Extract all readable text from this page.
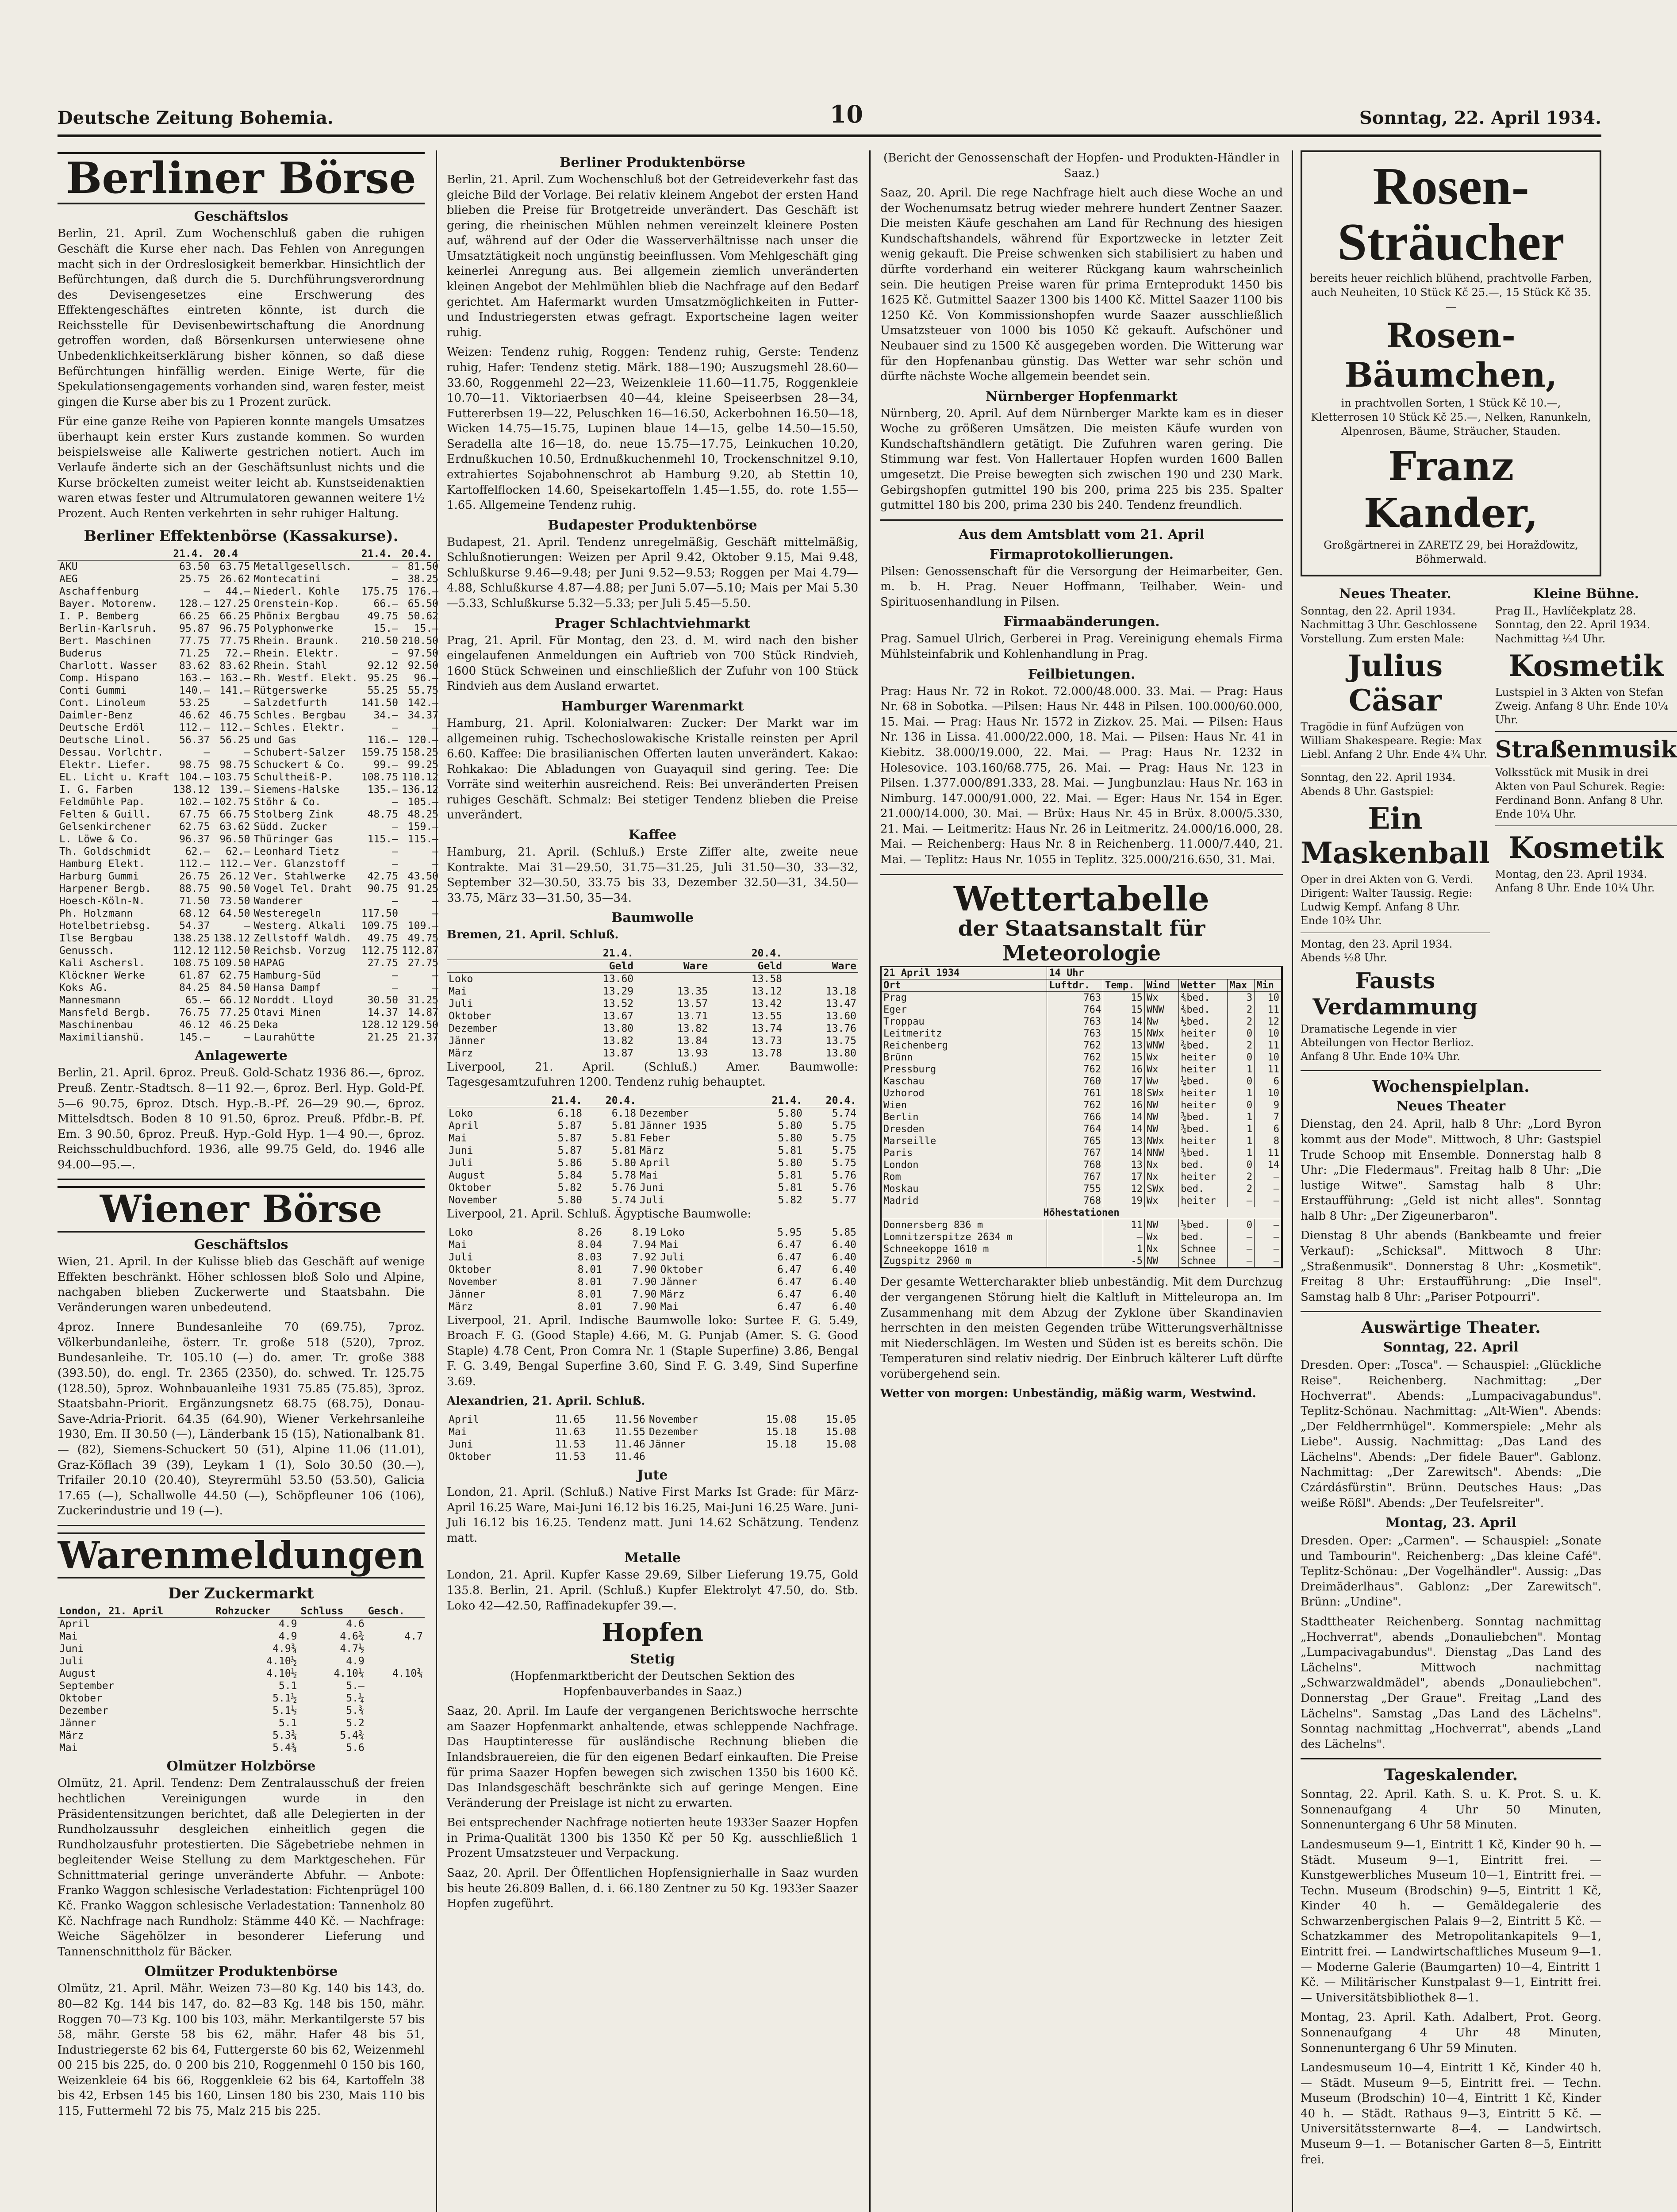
Deutsche Zeitung Bohemia.	10	Sonntag, 22. April 1934.
Berliner Börse
Geschäftslos

Berlin, 21. April. Zum Wochenschluß gaben die ruhigen Geschäft die Kurse eher nach. Das Fehlen von Anregungen macht sich in der Ordreslosigkeit bemerkbar. Hinsichtlich der Befürchtungen, daß durch die 5. Durchführungsverordnung des Devisengesetzes eine Erschwerung des Effektengeschäftes eintreten könnte, ist durch die Reichsstelle für Devisenbewirtschaftung die Anordnung getroffen worden, daß Börsenkursen unterwiesene ohne Unbedenklichkeitserklärung bisher können, so daß diese Befürchtungen hinfällig werden. Einige Werte, für die Spekulationsengagements vorhanden sind, waren fester, meist gingen die Kurse aber bis zu 1 Prozent zurück.

Für eine ganze Reihe von Papieren konnte mangels Umsatzes überhaupt kein erster Kurs zustande kommen. So wurden beispielsweise alle Kaliwerte gestrichen notiert. Auch im Verlaufe änderte sich an der Geschäftsunlust nichts und die Kurse bröckelten zumeist weiter leicht ab. Kunstseidenaktien waren etwas fester und Altrumulatoren gewannen weitere 1½ Prozent. Auch Renten verkehrten in sehr ruhiger Haltung.

Berliner Effektenbörse (Kassakurse).
	21.4.	20.4		21.4.	20.4.
AKU	63.50	63.75	Metallgesellsch.	—	81.50
AEG	25.75	26.62	Montecatini	—	38.25
Aschaffenburg	—	44.—	Niederl. Kohle	175.75	176.—
Bayer. Motorenw.	128.—	127.25	Orenstein-Kop.	66.—	65.50
I. P. Bemberg	66.25	66.25	Phönix Bergbau	49.75	50.62
Berlin-Karlsruh.	95.87	96.75	Polyphonwerke	15.—	15.—
Bert. Maschinen	77.75	77.75	Rhein. Braunk.	210.50	210.50
Buderus	71.25	72.—	Rhein. Elektr.	—	97.50
Charlott. Wasser	83.62	83.62	Rhein. Stahl	92.12	92.50
Comp. Hispano	163.—	163.—	Rh. Westf. Elekt.	95.25	96.—
Conti Gummi	140.—	141.—	Rütgerswerke	55.25	55.75
Cont. Linoleum	53.25	—	Salzdetfurth	141.50	142.—
Daimler-Benz	46.62	46.75	Schles. Bergbau	34.—	34.37
Deutsche Erdöl	112.—	112.—	Schles. Elektr.	—	—
Deutsche Linol.	56.37	56.25	und Gas	116.—	120.—
Dessau. Vorlchtr.	—	—	Schubert-Salzer	159.75	158.25
Elektr. Liefer.	98.75	98.75	Schuckert & Co.	99.—	99.25
EL. Licht u. Kraft	104.—	103.75	Schultheiß-P.	108.75	110.12
I. G. Farben	138.12	139.—	Siemens-Halske	135.—	136.12
Feldmühle Pap.	102.—	102.75	Stöhr & Co.	—	105.—
Felten & Guill.	67.75	66.75	Stolberg Zink	48.75	48.25
Gelsenkirchener	62.75	63.62	Südd. Zucker	—	159.—
L. Löwe & Co.	96.37	96.50	Thüringer Gas	115.—	115.—
Th. Goldschmidt	62.—	62.—	Leonhard Tietz	—	—
Hamburg Elekt.	112.—	112.—	Ver. Glanzstoff	—	—
Harburg Gummi	26.75	26.12	Ver. Stahlwerke	42.75	43.50
Harpener Bergb.	88.75	90.50	Vogel Tel. Draht	90.75	91.25
Hoesch-Köln-N.	71.50	73.50	Wanderer	—	—
Ph. Holzmann	68.12	64.50	Westeregeln	117.50	—
Hotelbetriebsg.	54.37	—	Westerg. Alkali	109.75	109.—
Ilse Bergbau	138.25	138.12	Zellstoff Waldh.	49.75	49.75
Genussch.	112.12	112.50	Reichsb. Vorzug	112.75	112.87
Kali Aschersl.	108.75	109.50	HAPAG	27.75	27.75
Klöckner Werke	61.87	62.75	Hamburg-Süd	—	—
Koks AG.	84.25	84.50	Hansa Dampf	—	—
Mannesmann	65.—	66.12	Norddt. Lloyd	30.50	31.25
Mansfeld Bergb.	76.75	77.25	Otavi Minen	14.37	14.87
Maschinenbau	46.12	46.25	Deka	128.12	129.50
Maximilianshü.	145.—	—	Laurahütte	21.25	21.37
Anlagewerte

Berlin, 21. April. 6proz. Preuß. Gold-Schatz 1936 86.—, 6proz. Preuß. Zentr.-Stadtsch. 8—11 92.—, 6proz. Berl. Hyp. Gold-Pf. 5—6 90.75, 6proz. Dtsch. Hyp.-B.-Pf. 26—29 90.—, 6proz. Mittelsdtsch. Boden 8 10 91.50, 6proz. Preuß. Pfdbr.-B. Pf. Em. 3 90.50, 6proz. Preuß. Hyp.-Gold Hyp. 1—4 90.—, 6proz. Reichsschuldbuchford. 1936, alle 99.75 Geld, do. 1946 alle 94.00—95.—.

Wiener Börse
Geschäftslos

Wien, 21. April. In der Kulisse blieb das Geschäft auf wenige Effekten beschränkt. Höher schlossen bloß Solo und Alpine, nachgaben blieben Zuckerwerte und Staatsbahn. Die Veränderungen waren unbedeutend.

4proz. Innere Bundesanleihe 70 (69.75), 7proz. Völkerbundanleihe, österr. Tr. große 518 (520), 7proz. Bundesanleihe. Tr. 105.10 (—) do. amer. Tr. große 388 (393.50), do. engl. Tr. 2365 (2350), do. schwed. Tr. 125.75 (128.50), 5proz. Wohnbauanleihe 1931 75.85 (75.85), 3proz. Staatsbahn-Priorit. Ergänzungsnetz 68.75 (68.75), Donau-Save-Adria-Priorit. 64.35 (64.90), Wiener Verkehrsanleihe 1930, Em. II 30.50 (—), Länderbank 15 (15), Nationalbank 81.— (82), Siemens-Schuckert 50 (51), Alpine 11.06 (11.01), Graz-Köflach 39 (39), Leykam 1 (1), Solo 30.50 (30.—), Trifailer 20.10 (20.40), Steyrermühl 53.50 (53.50), Galicia 17.65 (—), Schallwolle 44.50 (—), Schöpfleuner 106 (106), Zuckerindustrie und 19 (—).

Warenmeldungen
Der Zuckermarkt
London, 21. April	Rohzucker	Schluss	Gesch.
April	4.9	4.6	
Mai	4.9	4.6¾	4.7
Juni	4.9¾	4.7½	
Juli	4.10½	4.9	
August	4.10½	4.10¼	4.10¾
September	5.1	5.—	
Oktober	5.1½	5.¼	
Dezember	5.1½	5.¾	
Jänner	5.1	5.2	
März	5.3¾	5.4¾	
Mai	5.4¾	5.6	
Olmützer Holzbörse

Olmütz, 21. April. Tendenz: Dem Zentralausschuß der freien hechtlichen Vereinigungen wurde in den Präsidentensitzungen berichtet, daß alle Delegierten in der Rundholzaussuhr desgleichen einheitlich gegen die Rundholzausfuhr protestierten. Die Sägebetriebe nehmen in begleitender Weise Stellung zu dem Marktgeschehen. Für Schnittmaterial geringe unveränderte Abfuhr. — Anbote: Franko Waggon schlesische Verladestation: Fichtenprügel 100 Kč. Franko Waggon schlesische Verladestation: Tannenholz 80 Kč. Nachfrage nach Rundholz: Stämme 440 Kč. — Nachfrage: Weiche Sägehölzer in besonderer Lieferung und Tannenschnittholz für Bäcker.

Olmützer Produktenbörse

Olmütz, 21. April. Mähr. Weizen 73—80 Kg. 140 bis 143, do. 80—82 Kg. 144 bis 147, do. 82—83 Kg. 148 bis 150, mähr. Roggen 70—73 Kg. 100 bis 103, mähr. Merkantilgerste 57 bis 58, mähr. Gerste 58 bis 62, mähr. Hafer 48 bis 51, Industriegerste 62 bis 64, Futtergerste 60 bis 62, Weizenmehl 00 215 bis 225, do. 0 200 bis 210, Roggenmehl 0 150 bis 160, Weizenkleie 64 bis 66, Roggenkleie 62 bis 64, Kartoffeln 38 bis 42, Erbsen 145 bis 160, Linsen 180 bis 230, Mais 110 bis 115, Futtermehl 72 bis 75, Malz 215 bis 225.

Berliner Produktenbörse

Berlin, 21. April. Zum Wochenschluß bot der Getreideverkehr fast das gleiche Bild der Vorlage. Bei relativ kleinem Angebot der ersten Hand blieben die Preise für Brotgetreide unverändert. Das Geschäft ist gering, die rheinischen Mühlen nehmen vereinzelt kleinere Posten auf, während auf der Oder die Wasserverhältnisse nach unser die Umsatztätigkeit noch ungünstig beeinflussen. Vom Mehlgeschäft ging keinerlei Anregung aus. Bei allgemein ziemlich unveränderten kleinen Angebot der Mehlmühlen blieb die Nachfrage auf den Bedarf gerichtet. Am Hafermarkt wurden Umsatzmöglichkeiten in Futter- und Industriegersten etwas gefragt. Exportscheine lagen weiter ruhig.

Weizen: Tendenz ruhig, Roggen: Tendenz ruhig, Gerste: Tendenz ruhig, Hafer: Tendenz stetig. Märk. 188—190; Auszugsmehl 28.60—33.60, Roggenmehl 22—23, Weizenkleie 11.60—11.75, Roggenkleie 10.70—11. Viktoriaerbsen 40—44, kleine Speiseerbsen 28—34, Futtererbsen 19—22, Peluschken 16—16.50, Ackerbohnen 16.50—18, Wicken 14.75—15.75, Lupinen blaue 14—15, gelbe 14.50—15.50, Seradella alte 16—18, do. neue 15.75—17.75, Leinkuchen 10.20, Erdnußkuchen 10.50, Erdnußkuchenmehl 10, Trockenschnitzel 9.10, extrahiertes Sojabohnenschrot ab Hamburg 9.20, ab Stettin 10, Kartoffelflocken 14.60, Speisekartoffeln 1.45—1.55, do. rote 1.55—1.65. Allgemeine Tendenz ruhig.

Budapester Produktenbörse

Budapest, 21. April. Tendenz unregelmäßig, Geschäft mittelmäßig, Schlußnotierungen: Weizen per April 9.42, Oktober 9.15, Mai 9.48, Schlußkurse 9.46—9.48; per Juni 9.52—9.53; Roggen per Mai 4.79—4.88, Schlußkurse 4.87—4.88; per Juni 5.07—5.10; Mais per Mai 5.30—5.33, Schlußkurse 5.32—5.33; per Juli 5.45—5.50.

Prager Schlachtviehmarkt

Prag, 21. April. Für Montag, den 23. d. M. wird nach den bisher eingelaufenen Anmeldungen ein Auftrieb von 700 Stück Rindvieh, 1600 Stück Schweinen und einschließlich der Zufuhr von 100 Stück Rindvieh aus dem Ausland erwartet.

Hamburger Warenmarkt

Hamburg, 21. April. Kolonialwaren: Zucker: Der Markt war im allgemeinen ruhig. Tschechoslowakische Kristalle reinsten per April 6.60. Kaffee: Die brasilianischen Offerten lauten unverändert. Kakao: Rohkakao: Die Abladungen von Guayaquil sind gering. Tee: Die Vorräte sind weiterhin ausreichend. Reis: Bei unveränderten Preisen ruhiges Geschäft. Schmalz: Bei stetiger Tendenz blieben die Preise unverändert.

Kaffee

Hamburg, 21. April. (Schluß.) Erste Ziffer alte, zweite neue Kontrakte. Mai 31—29.50, 31.75—31.25, Juli 31.50—30, 33—32, September 32—30.50, 33.75 bis 33, Dezember 32.50—31, 34.50—33.75, März 33—31.50, 35—34.

Baumwolle

Bremen, 21. April. Schluß.

	21.4.		20.4.	
	Geld	Ware	Geld	Ware
Loko	13.60		13.58	
Mai	13.29	13.35	13.12	13.18
Juli	13.52	13.57	13.42	13.47
Oktober	13.67	13.71	13.55	13.60
Dezember	13.80	13.82	13.74	13.76
Jänner	13.82	13.84	13.73	13.75
März	13.87	13.93	13.78	13.80

Liverpool, 21. April. (Schluß.) Amer. Baumwolle: Tagesgesamtzufuhren 1200. Tendenz ruhig behauptet.

	21.4.	20.4.		21.4.	20.4.
Loko	6.18	6.18	Dezember	5.80	5.74
April	5.87	5.81	Jänner 1935	5.80	5.75
Mai	5.87	5.81	Feber	5.80	5.75
Juni	5.87	5.81	März	5.81	5.75
Juli	5.86	5.80	April	5.80	5.75
August	5.84	5.78	Mai	5.81	5.76
Oktober	5.82	5.76	Juni	5.81	5.76
November	5.80	5.74	Juli	5.82	5.77

Liverpool, 21. April. Schluß. Ägyptische Baumwolle:

Loko	8.26	8.19	Loko	5.95	5.85
Mai	8.04	7.94	Mai	6.47	6.40
Juli	8.03	7.92	Juli	6.47	6.40
Oktober	8.01	7.90	Oktober	6.47	6.40
November	8.01	7.90	Jänner	6.47	6.40
Jänner	8.01	7.90	März	6.47	6.40
März	8.01	7.90	Mai	6.47	6.40

Liverpool, 21. April. Indische Baumwolle loko: Surtee F. G. 5.49, Broach F. G. (Good Staple) 4.66, M. G. Punjab (Amer. S. G. Good Staple) 4.78 Cent, Pron Comra Nr. 1 (Staple Superfine) 3.86, Bengal F. G. 3.49, Bengal Superfine 3.60, Sind F. G. 3.49, Sind Superfine 3.69.

Alexandrien, 21. April. Schluß.

April	11.65	11.56	November	15.08	15.05
Mai	11.63	11.55	Dezember	15.18	15.08
Juni	11.53	11.46	Jänner	15.18	15.08
Oktober	11.53	11.46			
Jute

London, 21. April. (Schluß.) Native First Marks Ist Grade: für März-April 16.25 Ware, Mai-Juni 16.12 bis 16.25, Mai-Juni 16.25 Ware. Juni-Juli 16.12 bis 16.25. Tendenz matt. Juni 14.62 Schätzung. Tendenz matt.

Metalle

London, 21. April. Kupfer Kasse 29.69, Silber Lieferung 19.75, Gold 135.8. Berlin, 21. April. (Schluß.) Kupfer Elektrolyt 47.50, do. Stb. Loko 42—42.50, Raffinadekupfer 39.—.

Hopfen
Stetig

(Hopfenmarktbericht der Deutschen Sektion des Hopfenbauverbandes in Saaz.)

Saaz, 20. April. Im Laufe der vergangenen Berichtswoche herrschte am Saazer Hopfenmarkt anhaltende, etwas schleppende Nachfrage. Das Hauptinteresse für ausländische Rechnung blieben die Inlandsbrauereien, die für den eigenen Bedarf einkauften. Die Preise für prima Saazer Hopfen bewegen sich zwischen 1350 bis 1600 Kč. Das Inlandsgeschäft beschränkte sich auf geringe Mengen. Eine Veränderung der Preislage ist nicht zu erwarten.

Bei entsprechender Nachfrage notierten heute 1933er Saazer Hopfen in Prima-Qualität 1300 bis 1350 Kč per 50 Kg. ausschließlich 1 Prozent Umsatzsteuer und Verpackung.

Saaz, 20. April. Der Öffentlichen Hopfensignierhalle in Saaz wurden bis heute 26.809 Ballen, d. i. 66.180 Zentner zu 50 Kg. 1933er Saazer Hopfen zugeführt.

(Bericht der Genossenschaft der Hopfen- und Produkten-Händler in Saaz.)

Saaz, 20. April. Die rege Nachfrage hielt auch diese Woche an und der Wochenumsatz betrug wieder mehrere hundert Zentner Saazer. Die meisten Käufe geschahen am Land für Rechnung des hiesigen Kundschaftshandels, während für Exportzwecke in letzter Zeit wenig gekauft. Die Preise schwenken sich stabilisiert zu haben und dürfte vorderhand ein weiterer Rückgang kaum wahrscheinlich sein. Die heutigen Preise waren für prima Ernteprodukt 1450 bis 1625 Kč. Gutmittel Saazer 1300 bis 1400 Kč. Mittel Saazer 1100 bis 1250 Kč. Von Kommissionshopfen wurde Saazer ausschließlich Umsatzsteuer von 1000 bis 1050 Kč gekauft. Aufschöner und Neubauer sind zu 1500 Kč ausgegeben worden. Die Witterung war für den Hopfenanbau günstig. Das Wetter war sehr schön und dürfte nächste Woche allgemein beendet sein.

Nürnberger Hopfenmarkt

Nürnberg, 20. April. Auf dem Nürnberger Markte kam es in dieser Woche zu größeren Umsätzen. Die meisten Käufe wurden von Kundschaftshändlern getätigt. Die Zufuhren waren gering. Die Stimmung war fest. Von Hallertauer Hopfen wurden 1600 Ballen umgesetzt. Die Preise bewegten sich zwischen 190 und 230 Mark. Gebirgshopfen gutmittel 190 bis 200, prima 225 bis 235. Spalter gutmittel 180 bis 200, prima 230 bis 240. Tendenz freundlich.

Aus dem Amtsblatt vom 21. April
Firmaprotokollierungen.

Pilsen: Genossenschaft für die Versorgung der Heimarbeiter, Gen. m. b. H. Prag. Neuer Hoffmann, Teilhaber. Wein- und Spirituosenhandlung in Pilsen.

Firmaabänderungen.

Prag. Samuel Ulrich, Gerberei in Prag. Vereinigung ehemals Firma Mühlsteinfabrik und Kohlenhandlung in Prag.

Feilbietungen.

Prag: Haus Nr. 72 in Rokot. 72.000/48.000. 33. Mai. — Prag: Haus Nr. 68 in Sobotka. —Pilsen: Haus Nr. 448 in Pilsen. 100.000/60.000, 15. Mai. — Prag: Haus Nr. 1572 in Zizkov. 25. Mai. — Pilsen: Haus Nr. 136 in Lissa. 41.000/22.000, 18. Mai. — Pilsen: Haus Nr. 41 in Kiebitz. 38.000/19.000, 22. Mai. — Prag: Haus Nr. 1232 in Holesovice. 103.160/68.775, 26. Mai. — Prag: Haus Nr. 123 in Pilsen. 1.377.000/891.333, 28. Mai. — Jungbunzlau: Haus Nr. 163 in Nimburg. 147.000/91.000, 22. Mai. — Eger: Haus Nr. 154 in Eger. 21.000/14.000, 30. Mai. — Brüx: Haus Nr. 45 in Brüx. 8.000/5.330, 21. Mai. — Leitmeritz: Haus Nr. 26 in Leitmeritz. 24.000/16.000, 28. Mai. — Reichenberg: Haus Nr. 8 in Reichenberg. 11.000/7.440, 21. Mai. — Teplitz: Haus Nr. 1055 in Teplitz. 325.000/216.650, 31. Mai.

Wettertabelle
der Staatsanstalt für Meteorologie
21 April 1934	14 Uhr					
Ort	Luftdr.	Temp.	Wind	Wetter	Max	Min
Prag	763	15	Wx	¾bed.	3	10
Eger	764	15	WNW	¾bed.	2	11
Troppau	763	14	Nw	½bed.	2	12
Leitmeritz	763	15	NWx	heiter	0	10
Reichenberg	762	13	WNW	¾bed.	2	11
Brünn	762	15	Wx	heiter	0	10
Pressburg	762	16	Wx	heiter	1	11
Kaschau	760	17	Ww	¼bed.	0	6
Uzhorod	761	18	SWx	heiter	1	10
Wien	762	16	NW	heiter	0	9
Berlin	766	14	NW	¾bed.	1	7
Dresden	764	14	NW	¾bed.	1	6
Marseille	765	13	NWx	heiter	1	8
Paris	767	14	NNW	¾bed.	1	11
London	768	13	Nx	bed.	0	14
Rom	767	17	Nx	heiter	2	—
Moskau	755	12	SWx	bed.	2	—
Madrid	768	19	Wx	heiter	—	—
Höhestationen						
Donnersberg 836 m		11	NW	½bed.	0	—
Lomnitzerspitze 2634 m		—	Wx	bed.	—	—
Schneekoppe 1610 m		1	Nx	Schnee	—	—
Zugspitz 2960 m		-5	NW	Schnee	—	—

Der gesamte Wettercharakter blieb unbeständig. Mit dem Durchzug der vergangenen Störung hielt die Kaltluft in Mitteleuropa an. Im Zusammenhang mit dem Abzug der Zyklone über Skandinavien herrschten in den meisten Gegenden trübe Witterungsverhältnisse mit Niederschlägen. Im Westen und Süden ist es bereits schön. Die Temperaturen sind relativ niedrig. Der Einbruch kälterer Luft dürfte vorübergehend sein.

Wetter von morgen: Unbeständig, mäßig warm, Westwind.

Rosen-Sträucher

bereits heuer reichlich blühend, prachtvolle Farben, auch Neuheiten, 10 Stück Kč 25.—, 15 Stück Kč 35.—

Rosen-Bäumchen,

in prachtvollen Sorten, 1 Stück Kč 10.—, Kletterrosen 10 Stück Kč 25.—, Nelken, Ranunkeln, Alpenrosen, Bäume, Sträucher, Stauden.

Franz Kander,

Großgärtnerei in ZARETZ 29, bei Horažďowitz, Böhmerwald.

Neues Theater.

Sonntag, den 22. April 1934. Nachmittag 3 Uhr. Geschlossene Vorstellung. Zum ersten Male:

Julius Cäsar

Tragödie in fünf Aufzügen von William Shakespeare. Regie: Max Liebl. Anfang 2 Uhr. Ende 4¾ Uhr.

Sonntag, den 22. April 1934. Abends 8 Uhr. Gastspiel:

Ein Maskenball

Oper in drei Akten von G. Verdi. Dirigent: Walter Taussig. Regie: Ludwig Kempf. Anfang 8 Uhr. Ende 10¾ Uhr.

Montag, den 23. April 1934. Abends ½8 Uhr.

Fausts Verdammung

Dramatische Legende in vier Abteilungen von Hector Berlioz. Anfang 8 Uhr. Ende 10¾ Uhr.

Kleine Bühne.

Prag II., Havlíčekplatz 28. Sonntag, den 22. April 1934. Nachmittag ½4 Uhr.

Kosmetik

Lustspiel in 3 Akten von Stefan Zweig. Anfang 8 Uhr. Ende 10¼ Uhr.

Straßenmusik

Volksstück mit Musik in drei Akten von Paul Schurek. Regie: Ferdinand Bonn. Anfang 8 Uhr. Ende 10¼ Uhr.

Kosmetik

Montag, den 23. April 1934. Anfang 8 Uhr. Ende 10¼ Uhr.

Wochenspielplan.
Neues Theater

Dienstag, den 24. April, halb 8 Uhr: „Lord Byron kommt aus der Mode". Mittwoch, 8 Uhr: Gastspiel Trude Schoop mit Ensemble. Donnerstag halb 8 Uhr: „Die Fledermaus". Freitag halb 8 Uhr: „Die lustige Witwe". Samstag halb 8 Uhr: Erstaufführung: „Geld ist nicht alles". Sonntag halb 8 Uhr: „Der Zigeunerbaron".

Dienstag 8 Uhr abends (Bankbeamte und freier Verkauf): „Schicksal". Mittwoch 8 Uhr: „Straßenmusik". Donnerstag 8 Uhr: „Kosmetik". Freitag 8 Uhr: Erstaufführung: „Die Insel". Samstag halb 8 Uhr: „Pariser Potpourri".

Auswärtige Theater.
Sonntag, 22. April

Dresden. Oper: „Tosca". — Schauspiel: „Glückliche Reise". Reichenberg. Nachmittag: „Der Hochverrat". Abends: „Lumpacivagabundus". Teplitz-Schönau. Nachmittag: „Alt-Wien". Abends: „Der Feldherrnhügel". Kommerspiele: „Mehr als Liebe". Aussig. Nachmittag: „Das Land des Lächelns". Abends: „Der fidele Bauer". Gablonz. Nachmittag: „Der Zarewitsch". Abends: „Die Czárdásfürstin". Brünn. Deutsches Haus: „Das weiße Rößl". Abends: „Der Teufelsreiter".

Montag, 23. April

Dresden. Oper: „Carmen". — Schauspiel: „Sonate und Tambourin". Reichenberg: „Das kleine Café". Teplitz-Schönau: „Der Vogelhändler". Aussig: „Das Dreimäderlhaus". Gablonz: „Der Zarewitsch". Brünn: „Undine".

Stadttheater Reichenberg. Sonntag nachmittag „Hochverrat", abends „Donauliebchen". Montag „Lumpacivagabundus". Dienstag „Das Land des Lächelns". Mittwoch nachmittag „Schwarzwaldmädel", abends „Donauliebchen". Donnerstag „Der Graue". Freitag „Land des Lächelns". Samstag „Das Land des Lächelns". Sonntag nachmittag „Hochverrat", abends „Land des Lächelns".

Tageskalender.

Sonntag, 22. April. Kath. S. u. K. Prot. S. u. K. Sonnenaufgang 4 Uhr 50 Minuten, Sonnenuntergang 6 Uhr 58 Minuten.

Landesmuseum 9—1, Eintritt 1 Kč, Kinder 90 h. — Städt. Museum 9—1, Eintritt frei. — Kunstgewerbliches Museum 10—1, Eintritt frei. — Techn. Museum (Brodschin) 9—5, Eintritt 1 Kč, Kinder 40 h. — Gemäldegalerie des Schwarzenbergischen Palais 9—2, Eintritt 5 Kč. — Schatzkammer des Metropolitankapitels 9—1, Eintritt frei. — Landwirtschaftliches Museum 9—1. — Moderne Galerie (Baumgarten) 10—4, Eintritt 1 Kč. — Militärischer Kunstpalast 9—1, Eintritt frei. — Universitätsbibliothek 8—1.

Montag, 23. April. Kath. Adalbert, Prot. Georg. Sonnenaufgang 4 Uhr 48 Minuten, Sonnenuntergang 6 Uhr 59 Minuten.

Landesmuseum 10—4, Eintritt 1 Kč, Kinder 40 h. — Städt. Museum 9—5, Eintritt frei. — Techn. Museum (Brodschin) 10—4, Eintritt 1 Kč, Kinder 40 h. — Städt. Rathaus 9—3, Eintritt 5 Kč. — Universitätssternwarte 8—4. — Landwirtsch. Museum 9—1. — Botanischer Garten 8—5, Eintritt frei.
